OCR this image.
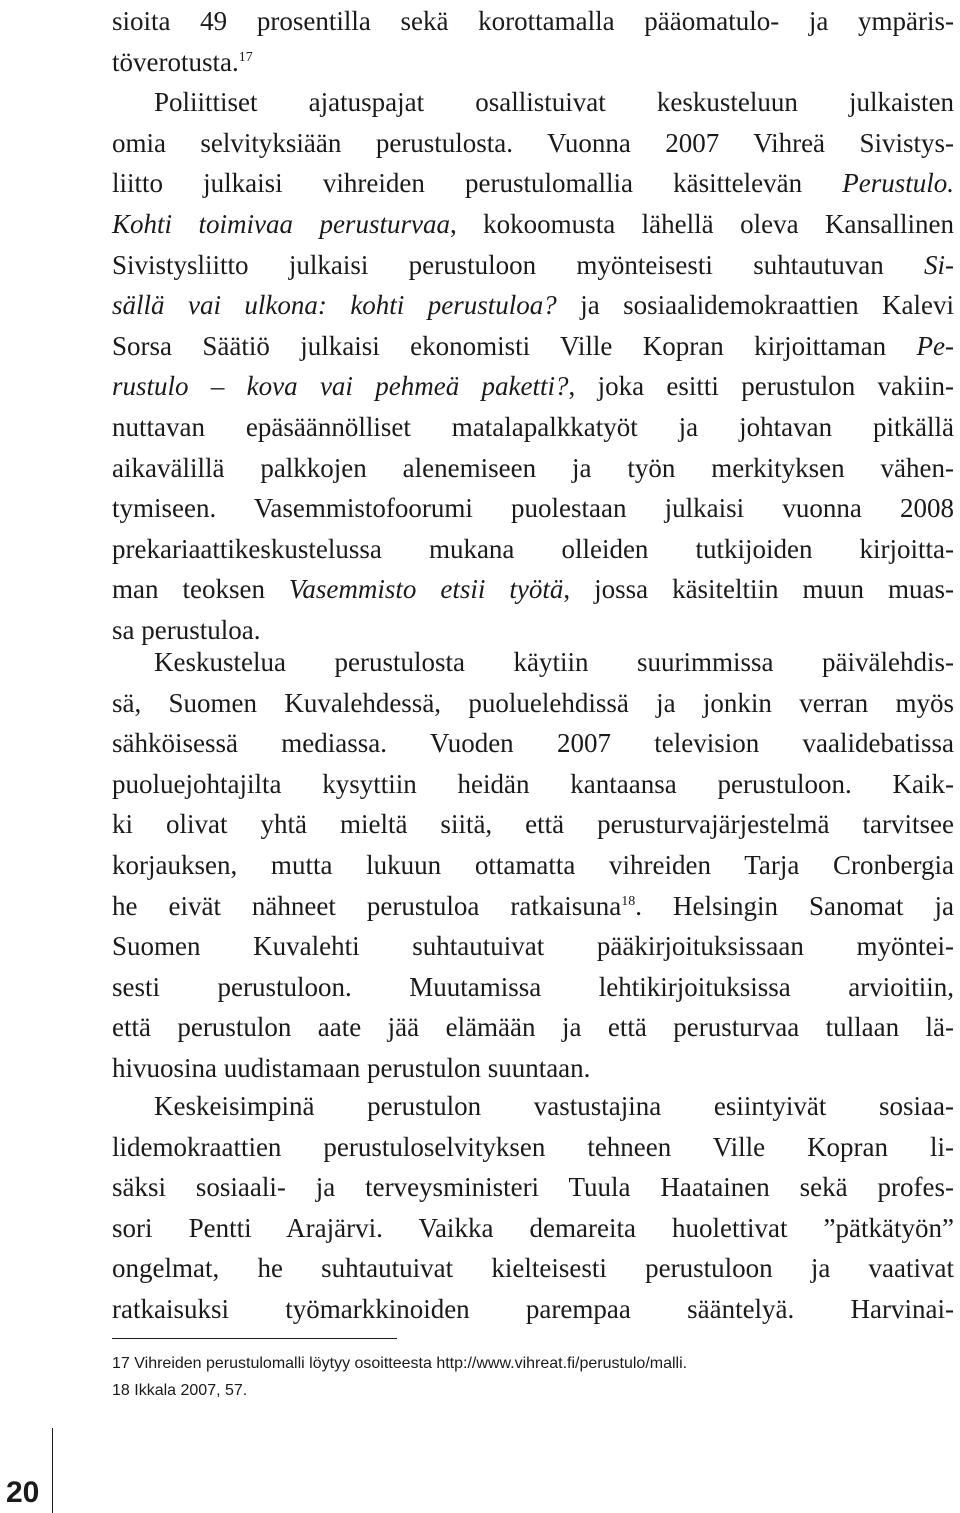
sioita 49 prosentilla sekä korottamalla pääomatulo- ja ympäris-
töverotusta.$^{17}$
Poliittiset ajatuspajat osallistuivat keskusteluun julkaisten
omia selvityksiään perustulosta. Vuonna 2007 Vihreä Sivistys-
liitto julkaisi vihreiden perustulomallia käsittelevän Perustulo.
Kohti toimivaa perusturvaa, kokoomusta lähellä oleva Kansallinen
Sivistysliitto julkaisi perustuloon myönteisesti suhtautuvan Si-
sällä vai ulkona: kohti perustuloa? ja sosiaalidemokraattien Kalevi
Sorsa Säätiö julkaisi ekonomisti Ville Kopran kirjoittaman Pe-
rustulo – kova vai pehmeä paketti?, joka esitti perustulon vakiin-
nuttavan epäsäännölliset matalapalkkatyöt ja johtavan pitkällä
aikavälillä palkkojen alenemiseen ja työn merkityksen vähen-
tymiseen. Vasemmistofoorumi puolestaan julkaisi vuonna 2008
prekariaattikeskustelussa mukana olleiden tutkijoiden kirjoitta-
man teoksen Vasemmisto etsii työtä, jossa käsiteltiin muun muas-
sa perustuloa.

Keskustelua perustulosta käytiin suurimmissa päivälehdis-
sä, Suomen Kuvalehdessä, puoluelehdissä ja jonkin verran myös
sähköisessä mediassa. Vuoden 2007 television vaalidebatissa
puoluejohtajilta kysyttiin heidän kantaansa perustuloon. Kaik-
ki olivat yhtä mieltä siitä, että perusturvajärjestelmä tarvitsee
korjauksen, mutta lukuun ottamatta vihreiden Tarja Cronbergia
he eivät nähneet perustuloa ratkaisuna$^{18}$. Helsingin Sanomat ja
Suomen Kuvalehti suhtautuivat pääkirjoituksissaan myöntei-
sesti perustuloon. Muutamissa lehtikirjoituksissa arvioitiin,
että perustulon aate jää elämään ja että perusturvaa tullaan lä-
hivuosina uudistamaan perustulon suuntaan.

Keskeisimpinä perustulon vastustajina esiintyivät sosiaa-
lidemokraattien perustuloselvityksen tehneen Ville Kopran li-
säksi sosiaali- ja terveysministeri Tuula Haatainen sekä profes-
sori Pentti Arajärvi. Vaikka demareita huolettivat ”pätkätyön”
ongelmat, he suhtautuivat kielteisesti perustuloon ja vaativat
ratkaisuksi työmarkkinoiden parempaa sääntelyä. Harvinai-

17 Vihreiden perustulomalli löytyy osoitteesta http://www.vihreat.fi/perustulo/malli.
18 Ikkala 2007, 57.
20
